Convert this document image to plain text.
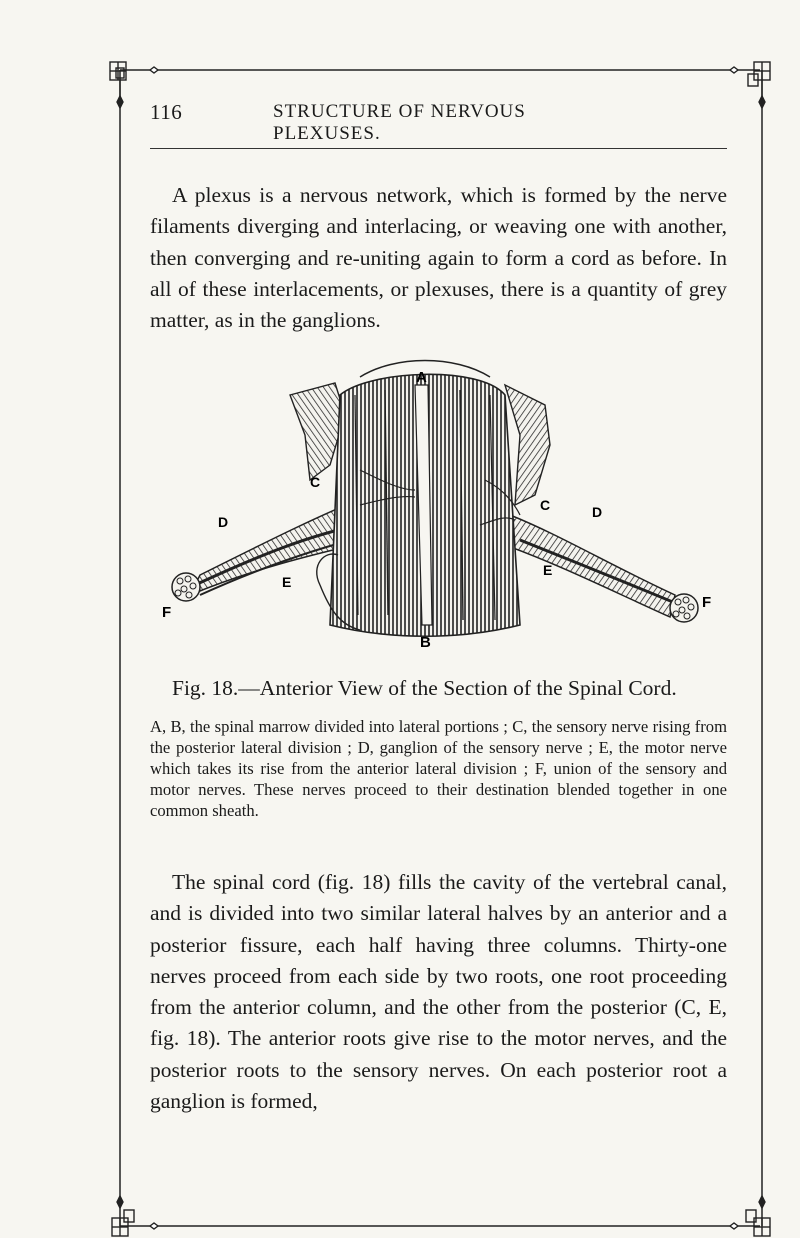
116	STRUCTURE OF NERVOUS PLEXUSES.

A plexus is a nervous network, which is formed by the nerve filaments diverging and interlacing, or weaving one with another, then converging and re-uniting again to form a cord as before. In all of these interlacements, or plexuses, there is a quantity of grey matter, as in the ganglions.

A
B
C
C
D
D
E
E
F
F
Fig. 18.—Anterior View of the Section of the Spinal Cord.

A, B, the spinal marrow divided into lateral portions ; C, the sensory nerve rising from the posterior lateral division ; D, ganglion of the sensory nerve ; E, the motor nerve which takes its rise from the anterior lateral division ; F, union of the sensory and motor nerves. These nerves proceed to their destination blended together in one common sheath.

The spinal cord (fig. 18) fills the cavity of the vertebral canal, and is divided into two similar lateral halves by an anterior and a posterior fissure, each half having three columns. Thirty-one nerves proceed from each side by two roots, one root proceeding from the anterior column, and the other from the posterior (C, E, fig. 18). The anterior roots give rise to the motor nerves, and the posterior roots to the sensory nerves. On each posterior root a ganglion is formed,
